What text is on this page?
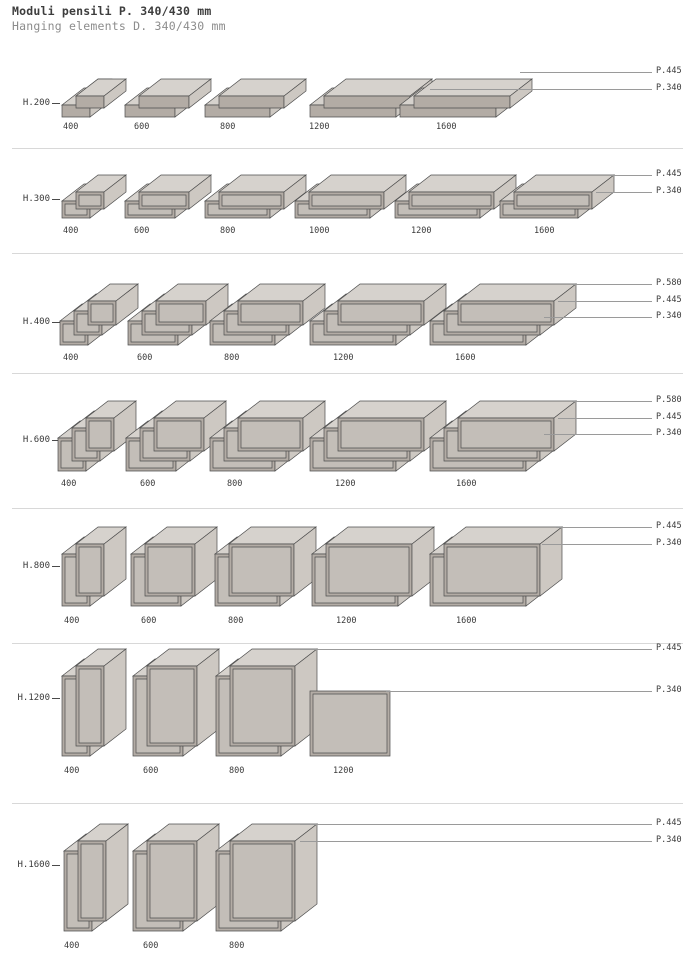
Moduli pensili P. 340/430 mm
Hanging elements D. 340/430 mm
H.200
P.445
P.340
400	600	800	1200	1600
H.300
P.445
P.340
400	600	800	1000	1200	1600
H.400
P.580
P.445
P.340
400	600	800	1200	1600
H.600
P.580
P.445
P.340
400	600	800	1200	1600
H.800
P.445
P.340
400	600	800	1200	1600
H.1200
P.445
P.340
400	600	800	1200
H.1600
P.445
P.340
400	600	800
